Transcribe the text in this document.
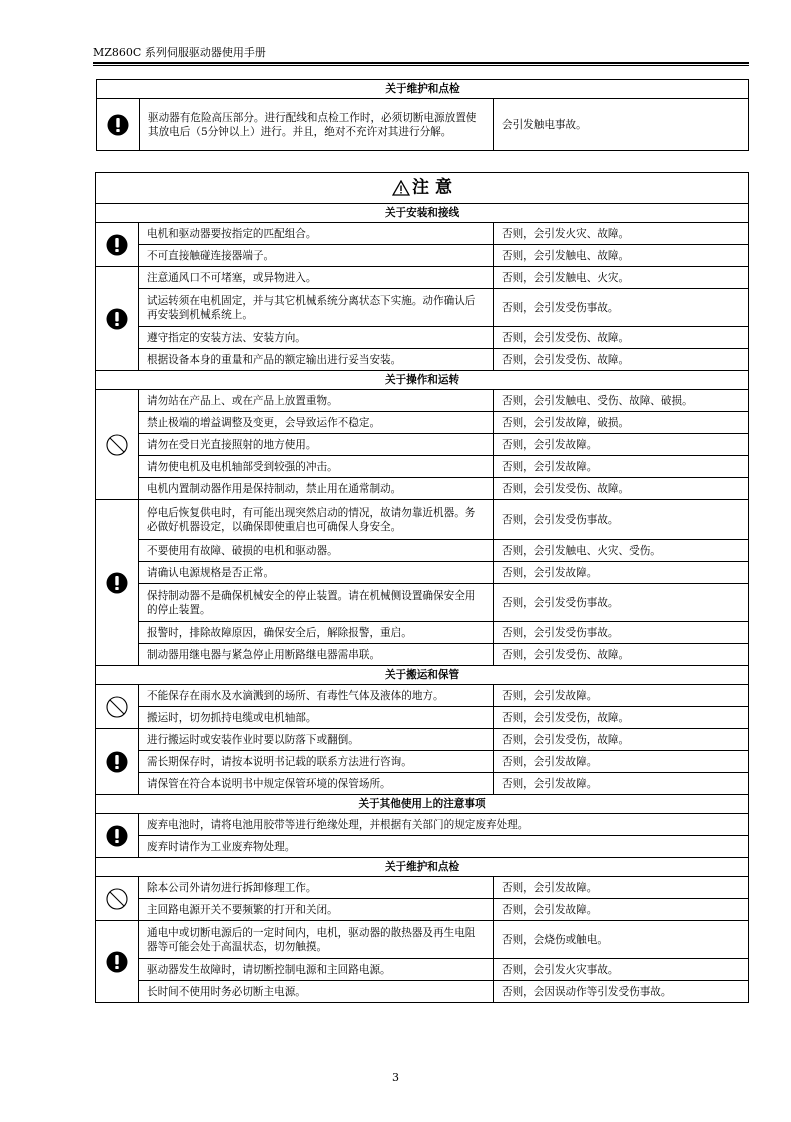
MZ860C 系列伺服驱动器使用手册
关于维护和点检
	驱动器有危险高压部分。进行配线和点检工作时，必须切断电源放置使其放电后（5分钟以上）进行。并且，绝对不充许对其进行分解。	会引发触电事故。
注 意		
关于安装和接线		
	电机和驱动器要按指定的匹配组合。	否则，会引发火灾、故障。
	不可直接触碰连接器端子。	否则，会引发触电、故障。
	注意通风口不可堵塞，或异物进入。	否则，会引发触电、火灾。
	试运转须在电机固定，并与其它机械系统分离状态下实施。动作确认后再安装到机械系统上。	否则，会引发受伤事故。
	遵守指定的安装方法、安装方向。	否则，会引发受伤、故障。
	根据设备本身的重量和产品的额定输出进行妥当安装。	否则，会引发受伤、故障。
关于操作和运转		
	请勿站在产品上、或在产品上放置重物。	否则，会引发触电、受伤、故障、破损。
	禁止极端的增益调整及变更，会导致运作不稳定。	否则，会引发故障，破损。
	请勿在受日光直接照射的地方使用。	否则，会引发故障。
	请勿使电机及电机轴部受到较强的冲击。	否则，会引发故障。
	电机内置制动器作用是保持制动，禁止用在通常制动。	否则，会引发受伤、故障。
	停电后恢复供电时，有可能出现突然启动的情况，故请勿靠近机器。务必做好机器设定，以确保即使重启也可确保人身安全。	否则，会引发受伤事故。
	不要使用有故障、破损的电机和驱动器。	否则，会引发触电、火灾、受伤。
	请确认电源规格是否正常。	否则，会引发故障。
	保持制动器不是确保机械安全的停止装置。请在机械侧设置确保安全用的停止装置。	否则，会引发受伤事故。
	报警时，排除故障原因，确保安全后，解除报警，重启。	否则，会引发受伤事故。
	制动器用继电器与紧急停止用断路继电器需串联。	否则，会引发受伤、故障。
关于搬运和保管		
	不能保存在雨水及水滴溅到的场所、有毒性气体及液体的地方。	否则，会引发故障。
	搬运时，切勿抓持电缆或电机轴部。	否则，会引发受伤，故障。
	进行搬运时或安装作业时要以防落下或翻倒。	否则，会引发受伤，故障。
	需长期保存时，请按本说明书记载的联系方法进行咨询。	否则，会引发故障。
	请保管在符合本说明书中规定保管环境的保管场所。	否则，会引发故障。
关于其他使用上的注意事项		
	废弃电池时，请将电池用胶带等进行绝缘处理，并根据有关部门的规定废弃处理。	
	废弃时请作为工业废弃物处理。	
关于维护和点检		
	除本公司外请勿进行拆卸修理工作。	否则，会引发故障。
	主回路电源开关不要频繁的打开和关闭。	否则，会引发故障。
	通电中或切断电源后的一定时间内，电机，驱动器的散热器及再生电阻器等可能会处于高温状态，切勿触摸。	否则，会烧伤或触电。
	驱动器发生故障时，请切断控制电源和主回路电源。	否则，会引发火灾事故。
	长时间不使用时务必切断主电源。	否则，会因误动作等引发受伤事故。
3
